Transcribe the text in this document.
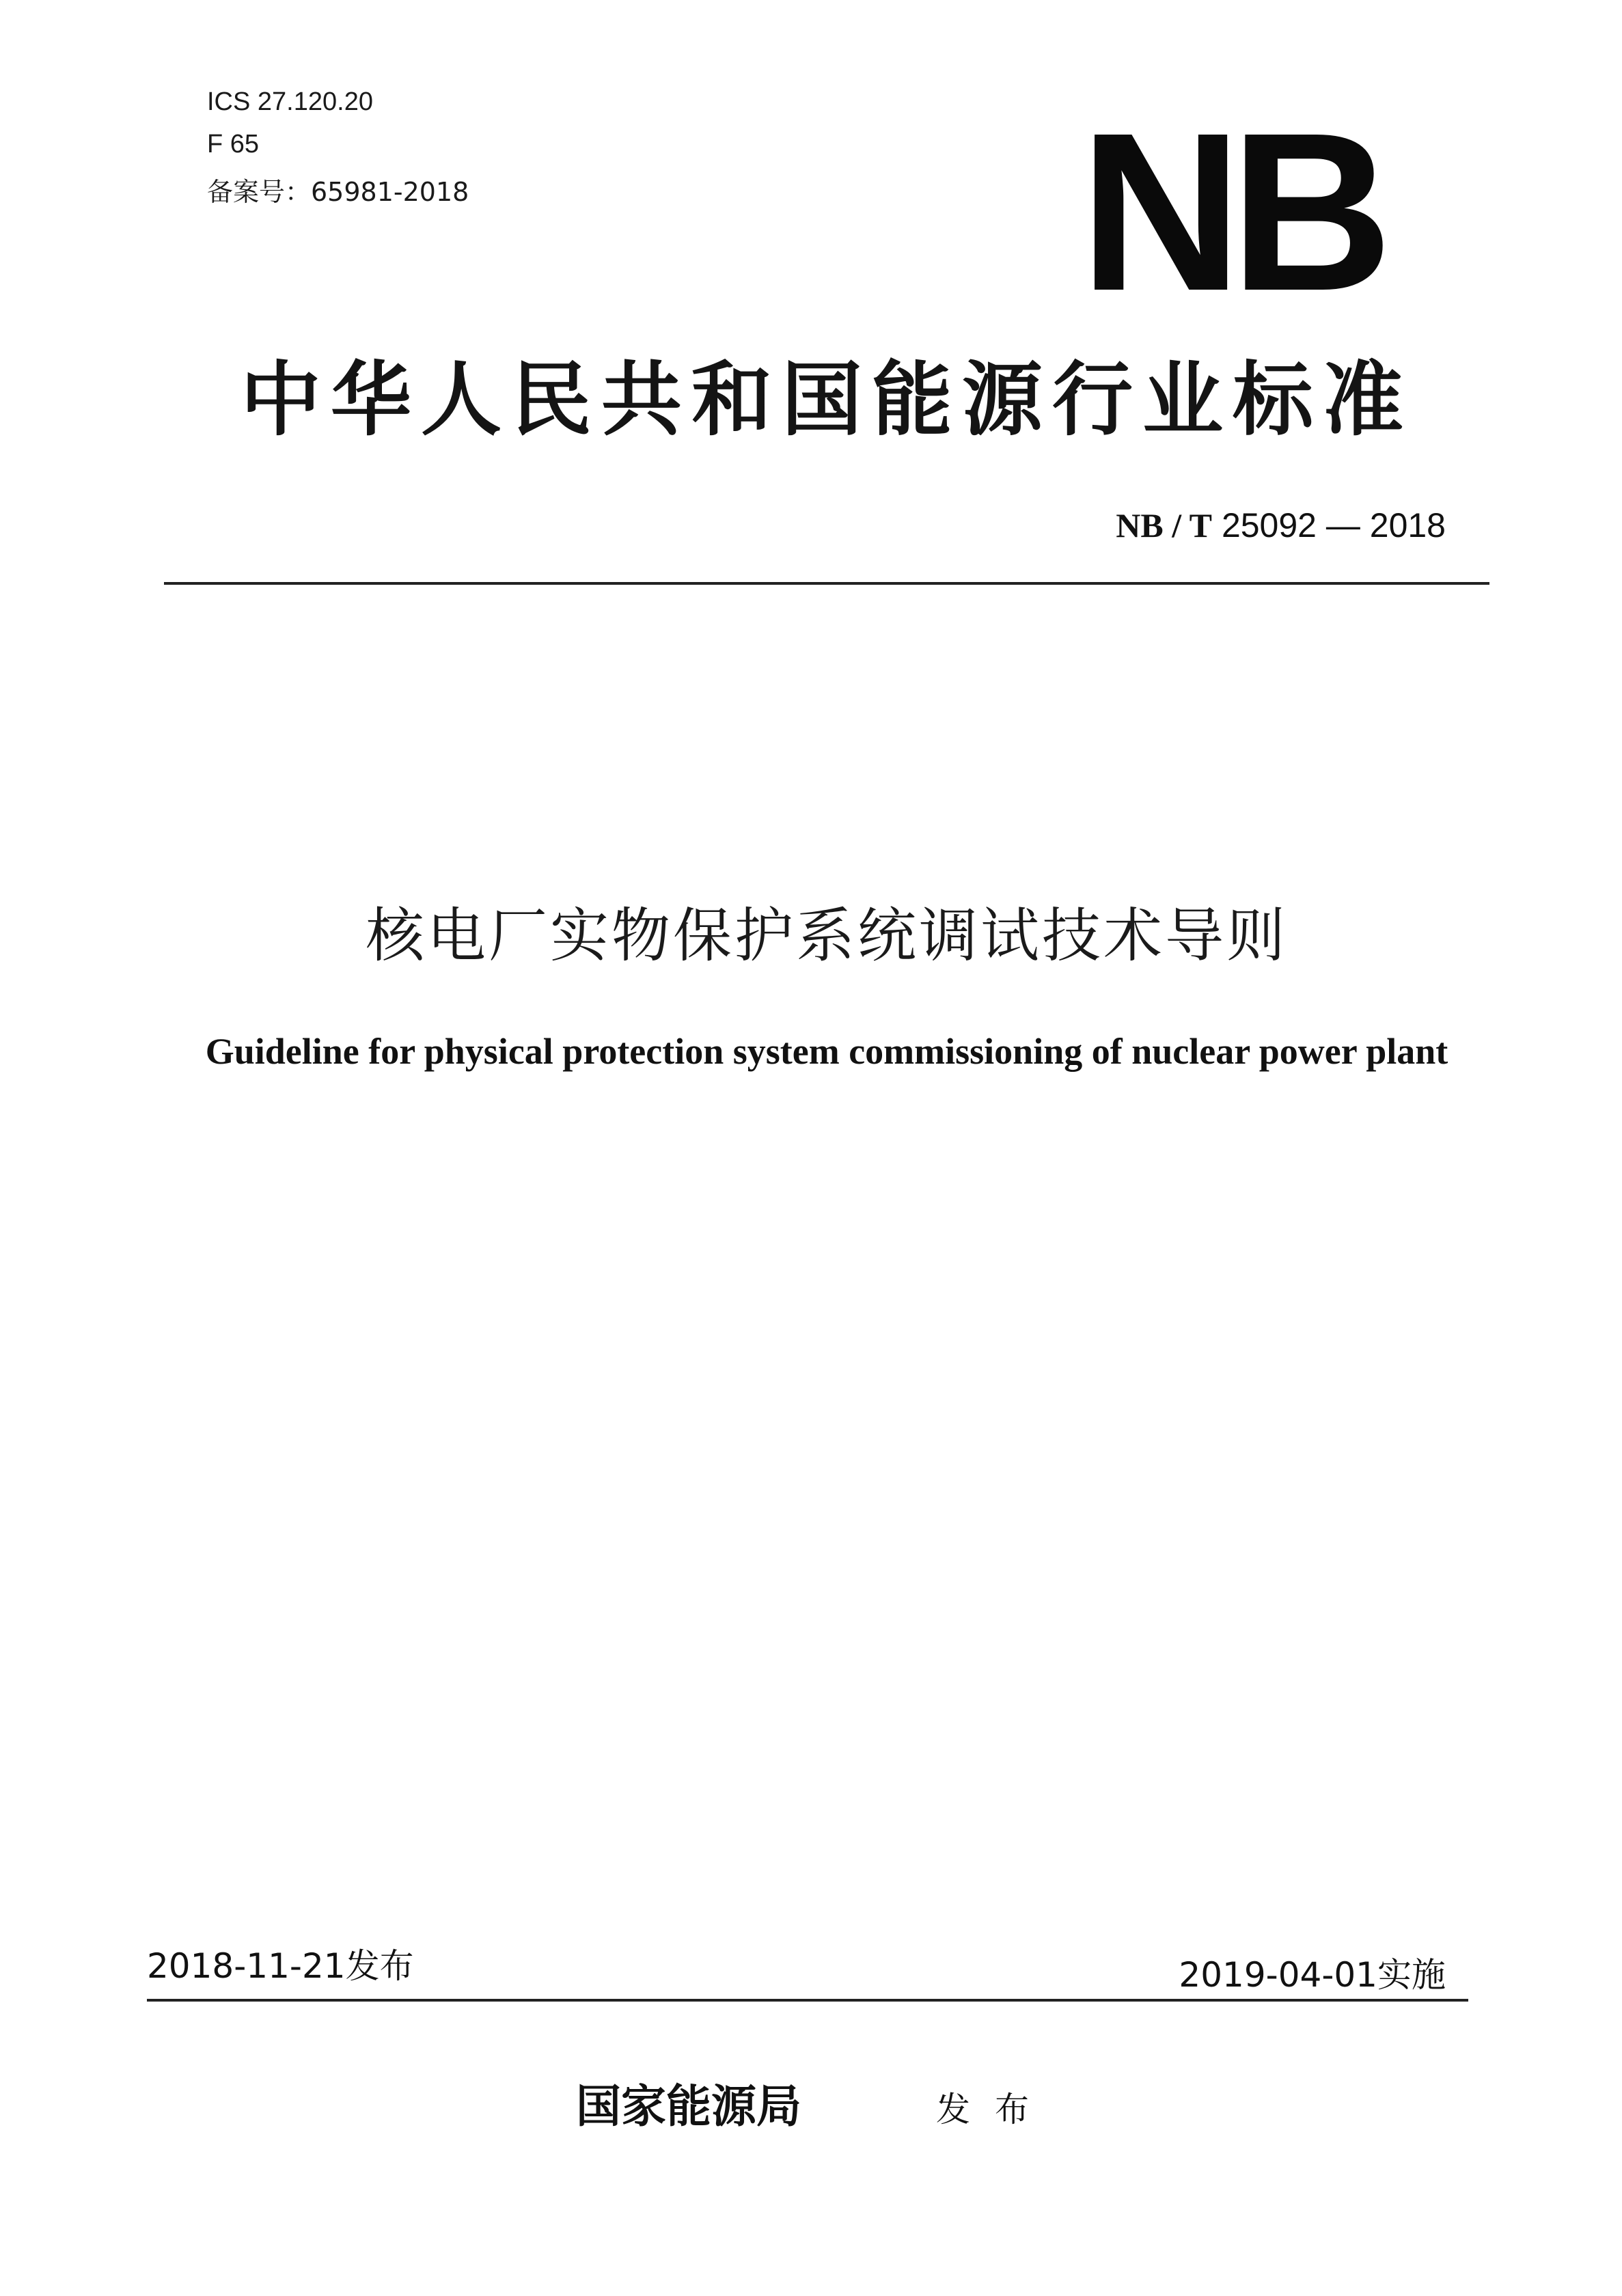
ICS 27.120.20
F 65
备案号：65981-2018	NB
中华人民共和国能源行业标准
NB / T 25092 — 2018
核电厂实物保护系统调试技术导则
Guideline for physical protection system commissioning of nuclear power plant
2018-11-21发布	2019-04-01实施
国家能源局	发布
